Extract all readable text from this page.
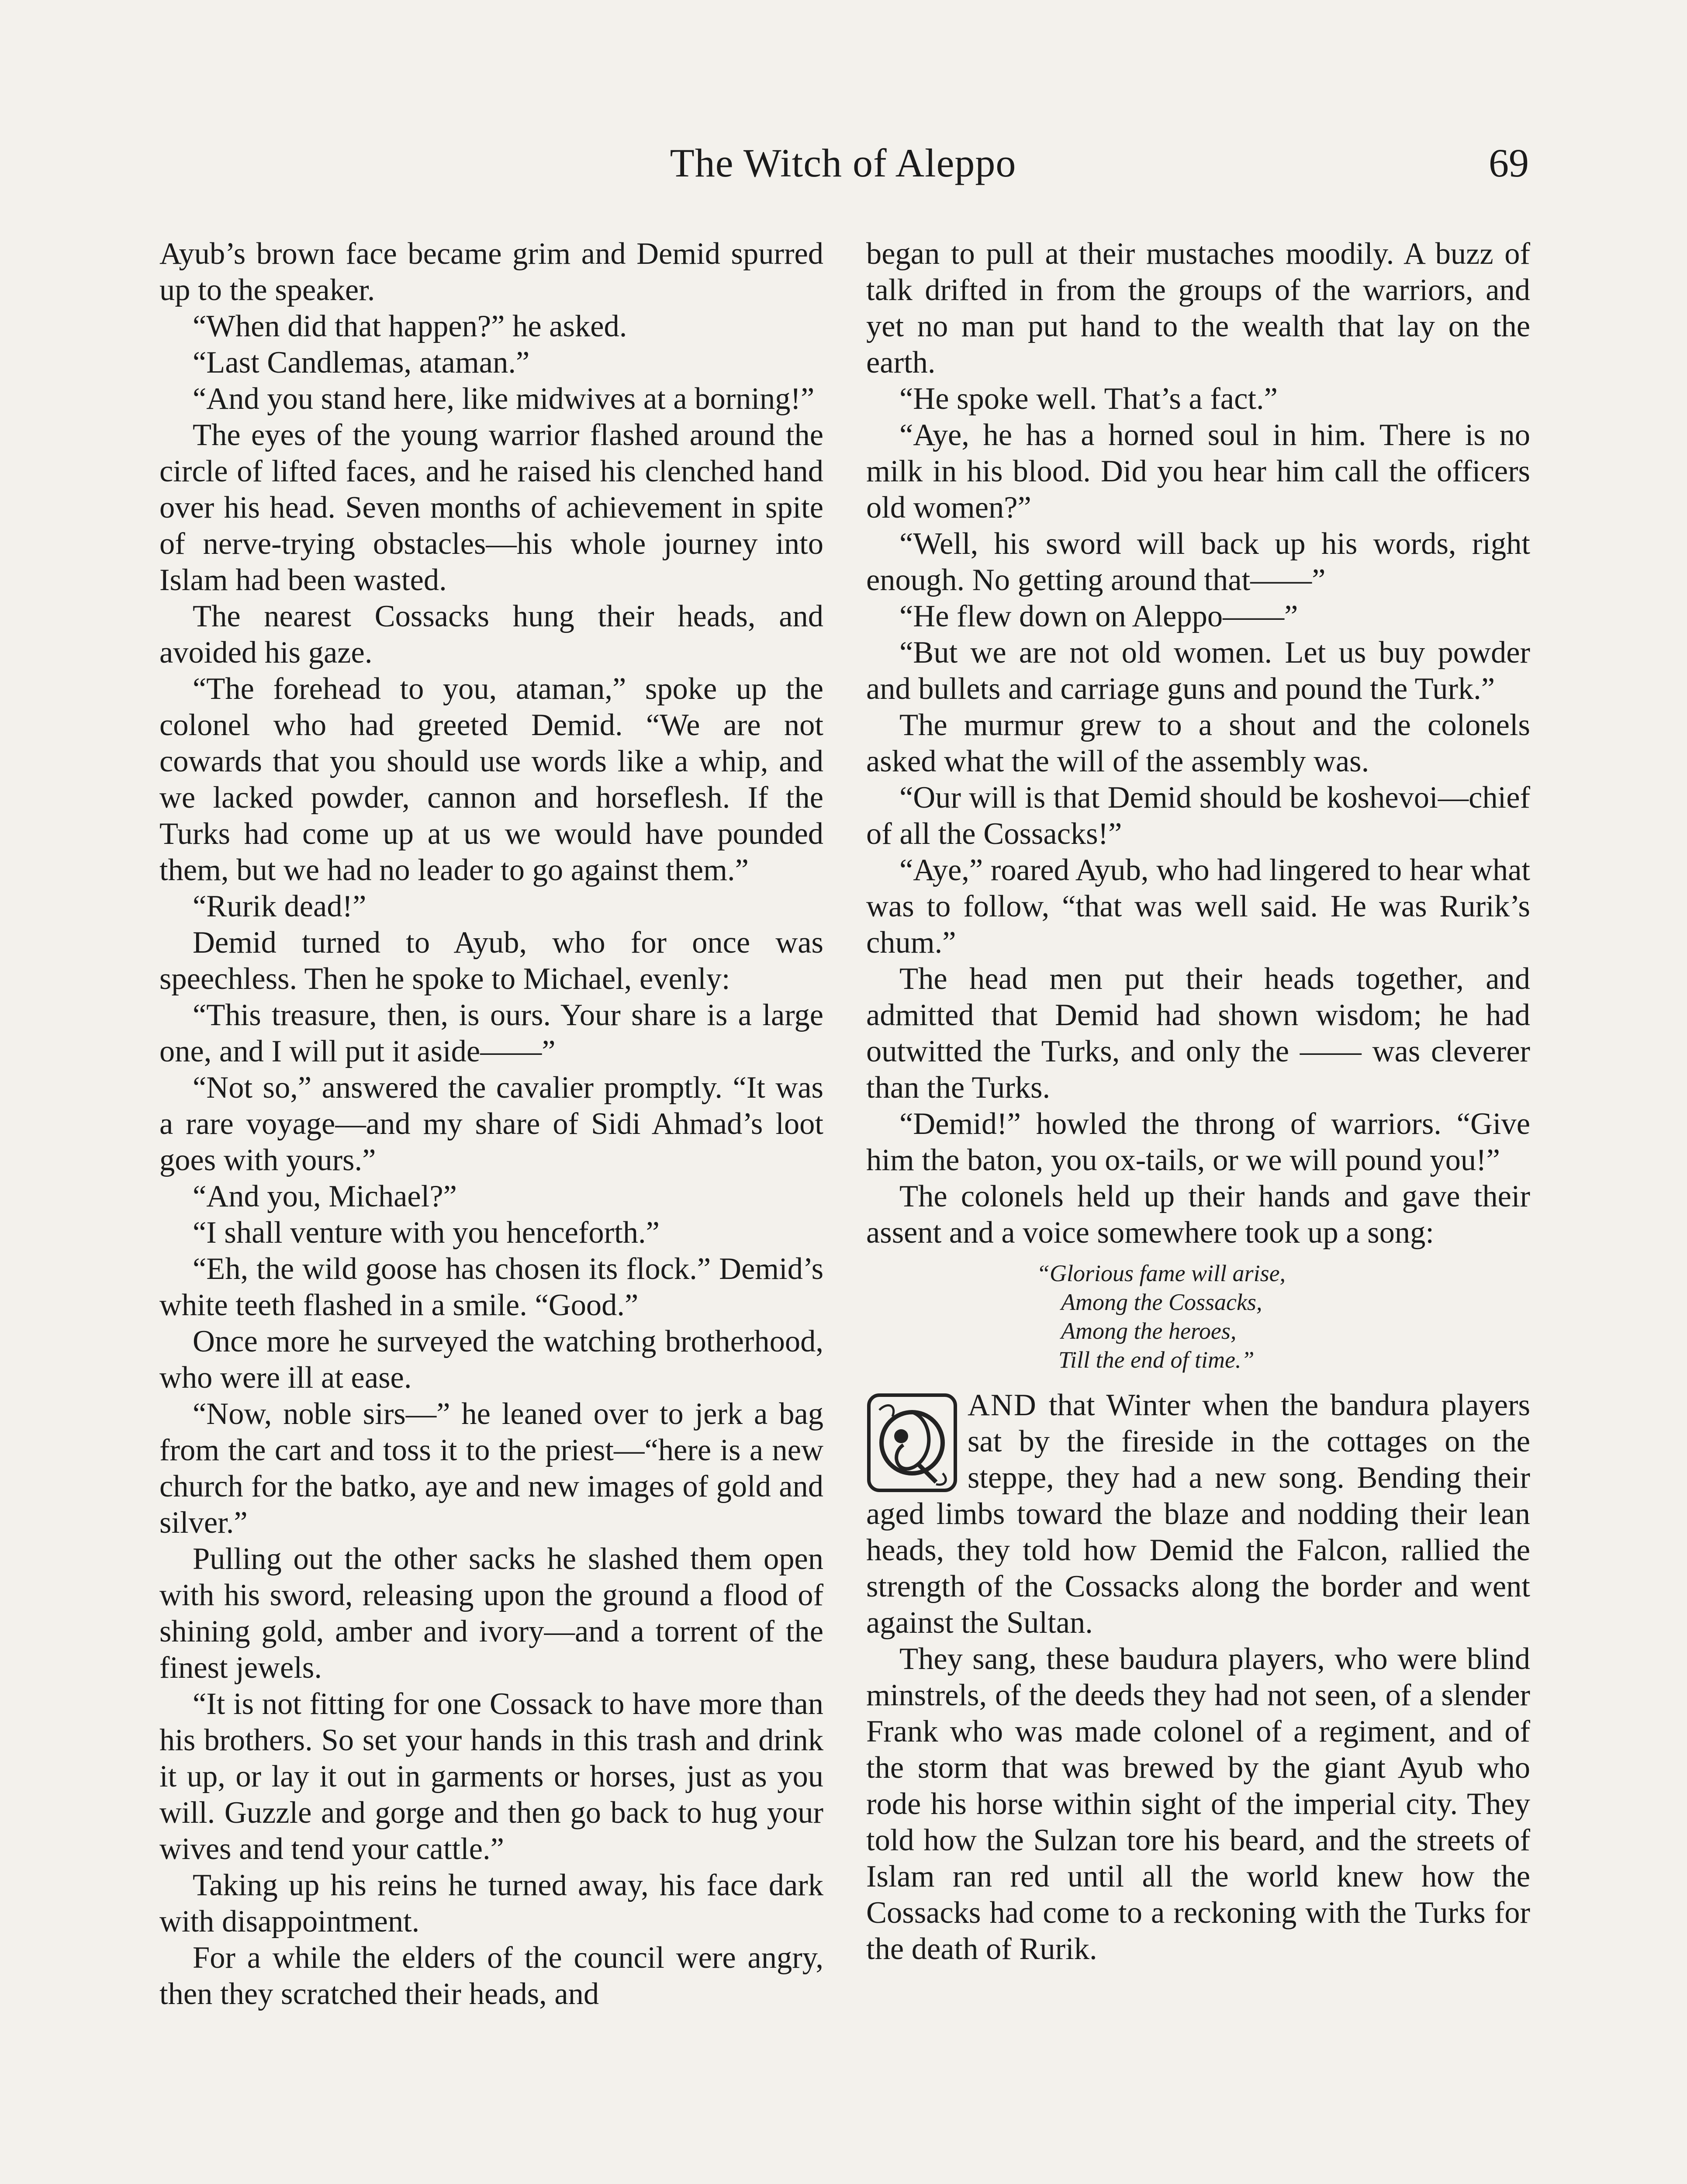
The Witch of Aleppo	69

Ayub’s brown face became grim and Demid spurred up to the speaker.

“When did that happen?” he asked.

“Last Candlemas, ataman.”

“And you stand here, like midwives at a borning!”

The eyes of the young warrior flashed around the circle of lifted faces, and he raised his clenched hand over his head. Seven months of achievement in spite of nerve-trying obstacles—his whole journey into Islam had been wasted.

The nearest Cossacks hung their heads, and avoided his gaze.

“The forehead to you, ataman,” spoke up the colonel who had greeted Demid. “We are not cowards that you should use words like a whip, and we lacked powder, cannon and horseflesh. If the Turks had come up at us we would have pounded them, but we had no leader to go against them.”

“Rurik dead!”

Demid turned to Ayub, who for once was speechless. Then he spoke to Michael, evenly:

“This treasure, then, is ours. Your share is a large one, and I will put it aside——”

“Not so,” answered the cavalier promptly. “It was a rare voyage—and my share of Sidi Ahmad’s loot goes with yours.”

“And you, Michael?”

“I shall venture with you henceforth.”

“Eh, the wild goose has chosen its flock.” Demid’s white teeth flashed in a smile. “Good.”

Once more he surveyed the watching brotherhood, who were ill at ease.

“Now, noble sirs—” he leaned over to jerk a bag from the cart and toss it to the priest—“here is a new church for the batko, aye and new images of gold and silver.”

Pulling out the other sacks he slashed them open with his sword, releasing upon the ground a flood of shining gold, amber and ivory—and a torrent of the finest jewels.

“It is not fitting for one Cossack to have more than his brothers. So set your hands in this trash and drink it up, or lay it out in garments or horses, just as you will. Guzzle and gorge and then go back to hug your wives and tend your cattle.”

Taking up his reins he turned away, his face dark with disappointment.

For a while the elders of the council were angry, then they scratched their heads, and

began to pull at their mustaches moodily. A buzz of talk drifted in from the groups of the warriors, and yet no man put hand to the wealth that lay on the earth.

“He spoke well. That’s a fact.”

“Aye, he has a horned soul in him. There is no milk in his blood. Did you hear him call the officers old women?”

“Well, his sword will back up his words, right enough. No getting around that——”

“He flew down on Aleppo——”

“But we are not old women. Let us buy powder and bullets and carriage guns and pound the Turk.”

The murmur grew to a shout and the colonels asked what the will of the assembly was.

“Our will is that Demid should be koshevoi—chief of all the Cossacks!”

“Aye,” roared Ayub, who had lingered to hear what was to follow, “that was well said. He was Rurik’s chum.”

The head men put their heads together, and admitted that Demid had shown wisdom; he had outwitted the Turks, and only the —— was cleverer than the Turks.

“Demid!” howled the throng of warriors. “Give him the baton, you ox-tails, or we will pound you!”

The colonels held up their hands and gave their assent and a voice somewhere took up a song:

“Glorious fame will arise,
Among the Cossacks,
Among the heroes,
Till the end of time.”

AND that Winter when the bandura players sat by the fireside in the cottages on the steppe, they had a new song. Bending their aged limbs toward the blaze and nodding their lean heads, they told how Demid the Falcon, rallied the strength of the Cossacks along the border and went against the Sultan.

They sang, these baudura players, who were blind minstrels, of the deeds they had not seen, of a slender Frank who was made colonel of a regiment, and of the storm that was brewed by the giant Ayub who rode his horse within sight of the imperial city. They told how the Sulzan tore his beard, and the streets of Islam ran red until all the world knew how the Cossacks had come to a reckoning with the Turks for the death of Rurik.
